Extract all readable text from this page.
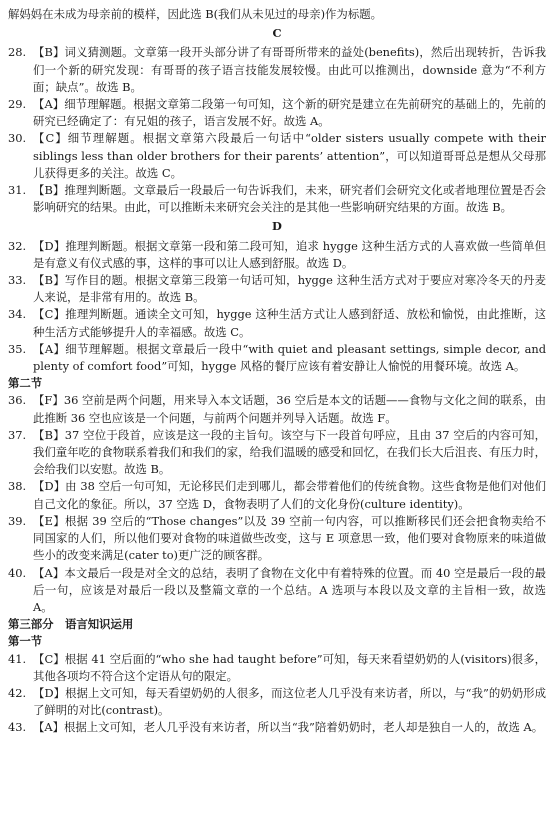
解妈妈在未成为母亲前的模样，因此选 B(我们从未见过的母亲)作为标题。

C
28. 【B】词义猜测题。文章第一段开头部分讲了有哥哥所带来的益处(benefits)，然后出现转折，告诉我们一个新的研究发现：有哥哥的孩子语言技能发展较慢。由此可以推测出，downside 意为“不利方面；缺点”。故选 B。
29. 【A】细节理解题。根据文章第二段第一句可知，这个新的研究是建立在先前研究的基础上的，先前的研究已经确定了：有兄姐的孩子，语言发展不好。故选 A。
30. 【C】细节理解题。根据文章第六段最后一句话中“older sisters usually compete with their siblings less than older brothers for their parents’ attention”，可以知道哥哥总是想从父母那儿获得更多的关注。故选 C。
31. 【B】推理判断题。文章最后一段最后一句告诉我们，未来，研究者们会研究文化或者地理位置是否会影响研究的结果。由此，可以推断未来研究会关注的是其他一些影响研究结果的方面。故选 B。
D
32. 【D】推理判断题。根据文章第一段和第二段可知，追求 hygge 这种生活方式的人喜欢做一些简单但是有意义有仪式感的事，这样的事可以让人感到舒服。故选 D。
33. 【B】写作目的题。根据文章第三段第一句话可知，hygge 这种生活方式对于要应对寒冷冬天的丹麦人来说，是非常有用的。故选 B。
34. 【C】推理判断题。通读全文可知，hygge 这种生活方式让人感到舒适、放松和愉悦，由此推断，这种生活方式能够提升人的幸福感。故选 C。
35. 【A】细节理解题。根据文章最后一段中“with quiet and pleasant settings, simple decor, and plenty of comfort food”可知，hygge 风格的餐厅应该有着安静让人愉悦的用餐环境。故选 A。

第二节

36. 【F】36 空前是两个问题，用来导入本文话题，36 空后是本文的话题——食物与文化之间的联系，由此推断 36 空也应该是一个问题，与前两个问题并列导入话题。故选 F。
37. 【B】37 空位于段首，应该是这一段的主旨句。该空与下一段首句呼应，且由 37 空后的内容可知，我们童年吃的食物联系着我们和我们的家，给我们温暖的感受和回忆，在我们长大后沮丧、有压力时，会给我们以安慰。故选 B。
38. 【D】由 38 空后一句可知，无论移民们走到哪儿，都会带着他们的传统食物。这些食物是他们对他们自己文化的象征。所以，37 空选 D，食物表明了人们的文化身份(culture identity)。
39. 【E】根据 39 空后的“Those changes”以及 39 空前一句内容，可以推断移民们还会把食物卖给不同国家的人们，所以他们要对食物的味道做些改变，这与 E 项意思一致，他们要对食物原来的味道做些小的改变来满足(cater to)更广泛的顾客群。
40. 【A】本文最后一段是对全文的总结，表明了食物在文化中有着特殊的位置。而 40 空是最后一段的最后一句，应该是对最后一段以及整篇文章的一个总结。A 选项与本段以及文章的主旨相一致，故选 A。

第三部分　语言知识运用

第一节

41. 【C】根据 41 空后面的“who she had taught before”可知，每天来看望奶奶的人(visitors)很多，其他各项均不符合这个定语从句的限定。
42. 【D】根据上文可知，每天看望奶奶的人很多，而这位老人几乎没有来访者，所以，与“我”的奶奶形成了鲜明的对比(contrast)。
43. 【A】根据上文可知，老人几乎没有来访者，所以当“我”陪着奶奶时，老人却是独自一人的，故选 A。
